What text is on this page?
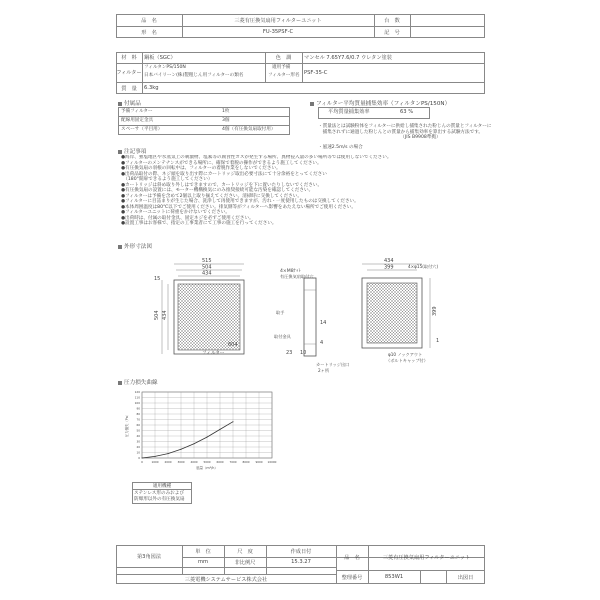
品　名	三菱有圧換気扇用フィルターユニット
形　名	FU-35PSF-C
台　数
記　号
材　料	鋼板（SGC）	色　調	マンセル 7.65Y7.6/0.7 ウレタン塗装
フィルター
フィルタンPS/150N
日本バイリーン(株)製粗じん用フィルターの類名
適用予備
フィルター形名 PSF-35-C
質　量	6.3kg
付属品
予備フィルター	1枚
配線用固定金具	3個
スペーサ（平目用）	4個（有圧換気扇取付用）
フィルター平均質量捕集効率（フィルタンPS/150N）
平均質量捕集効率	63 %
・質量法とは試験粉体をフィルターに供給し捕集された粉じんの質量とフィルターに
　捕集されずに通過した粉じんとの質量から捕集効率を算出する試験方法です。
　（JIS B9908準拠）
・風速2.5m/s の場合
注記事項
●海岸、強塩地区や水蒸気上の刺激物、塩素等の腐食性ガスが発生する場所、異物侵入量の多い場所等では使用しないでください。
●フィルターのメンテナンスができる場所に、確保で着脱の操作ができるよう施工してください。
●有圧換気扇の羽根の回転中は、フィルターの着脱作業をしないでください。
●出荷品取付の際、ネジ頭を取り出す際にカートリッジ取出必要寸法にて十分余裕をとってください
　（180°開扉できるよう施工してください）
●カートリッジは斜め取り外しはできますので、カートリッジを下に置いたりしないでください。
●有圧換気扇の設置には、モーター機構換気にのみ推奨接続可能な汚染を確認してください。
●フィルターは予備を含めて2個以上取り揃えてください。清掃時に交換してください。
●フィルターに目詰まりが生じた場合、洗浄して再使用できますが、汚れ・一度使用したものは交換してください。
●本体周囲温度は80℃以下でご使用ください。排気側等がフィルターへ影響をあたえない場所でご使用ください。
●フィルターユニットに荷重をかけないでください。
●出荷時は、付属の取付金具、固定ネジを必ずご使用ください。
●設置工事はお客様で、指定の工事業者にて工事の施工を行ってください。
外形寸法図
515
504
434
15
504 434
フィルター
604
4×M8ﾅｯﾄ
有圧換気扇取付穴
取手
取付金具
23 10
14
4
カートリッジ出口
2ヶ所
434
399
399
1
4×φ15(取付穴)
φ10 ノックアウト
（ボルトキャップ付）
圧力損失曲線
0	1000 2000 3000 4000 5000 6000 7000 8000 9000 10000
0
10
20
30
40
50
60
70
80
90
100
110
120
風量（m³/h）
圧力損失（Pa）
適用機種
ステンレス形のみおよび
防爆形以外の有圧換気扇
第3角図法
単　位
mm
尺　度
非比例尺
作成日付
15.3.27
品　名	三菱有圧換気扇用フィルターユニット
整理番号	853W1	出図日
三菱電機システムサービス株式会社
